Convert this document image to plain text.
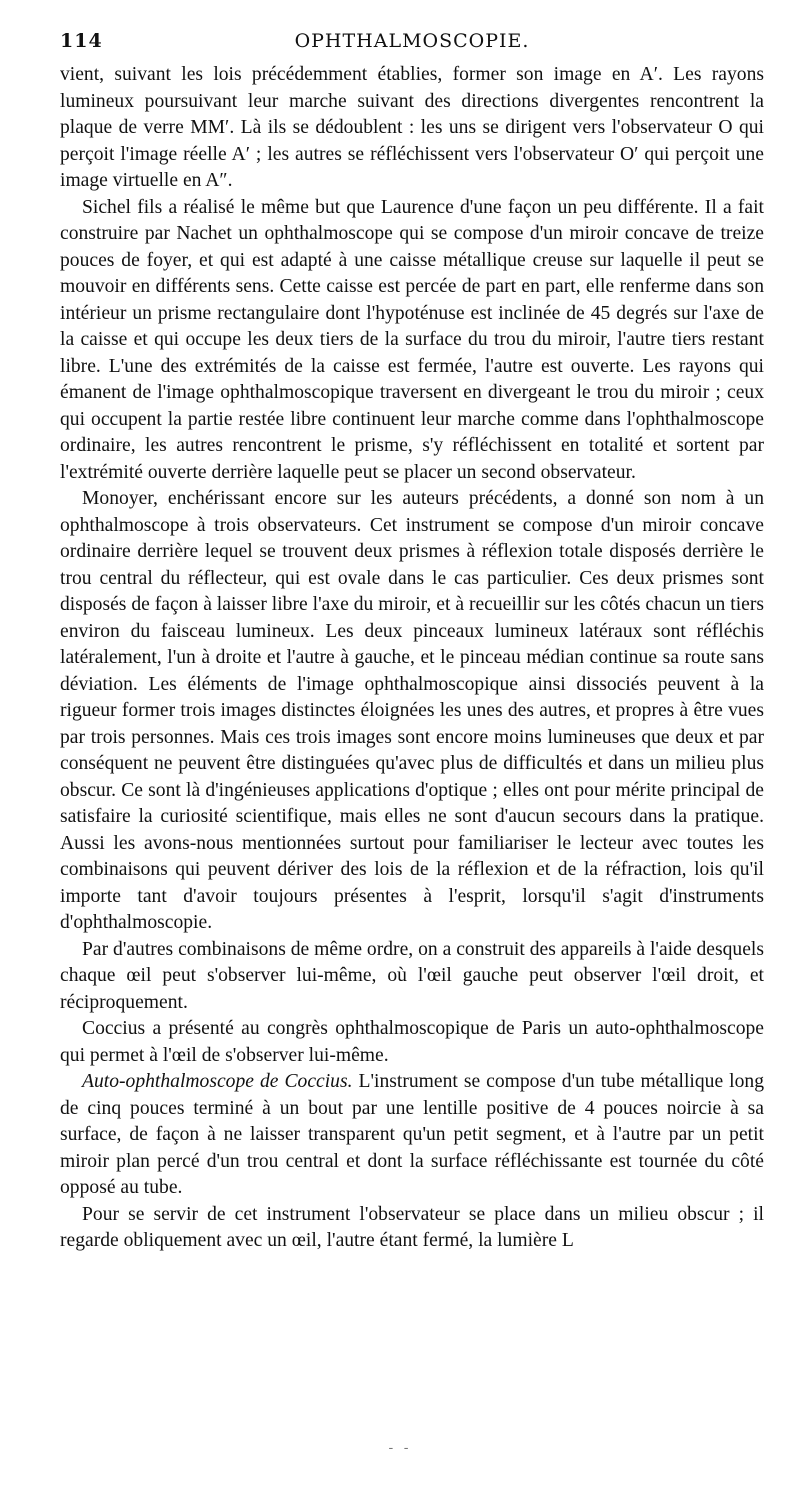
114	OPHTHALMOSCOPIE.

vient, suivant les lois précédemment établies, former son image en A′. Les rayons lumineux poursuivant leur marche suivant des directions divergentes rencontrent la plaque de verre MM′. Là ils se dédoublent : les uns se dirigent vers l'observateur O qui perçoit l'image réelle A′ ; les autres se réfléchissent vers l'observateur O′ qui perçoit une image virtuelle en A″.

Sichel fils a réalisé le même but que Laurence d'une façon un peu différente. Il a fait construire par Nachet un ophthalmoscope qui se compose d'un miroir concave de treize pouces de foyer, et qui est adapté à une caisse métallique creuse sur laquelle il peut se mouvoir en différents sens. Cette caisse est percée de part en part, elle renferme dans son intérieur un prisme rectangulaire dont l'hypoténuse est inclinée de 45 degrés sur l'axe de la caisse et qui occupe les deux tiers de la surface du trou du miroir, l'autre tiers restant libre. L'une des extrémités de la caisse est fermée, l'autre est ouverte. Les rayons qui émanent de l'image ophthalmoscopique traversent en divergeant le trou du miroir ; ceux qui occupent la partie restée libre continuent leur marche comme dans l'ophthalmoscope ordinaire, les autres rencontrent le prisme, s'y réfléchissent en totalité et sortent par l'extrémité ouverte derrière laquelle peut se placer un second observateur.

Monoyer, enchérissant encore sur les auteurs précédents, a donné son nom à un ophthalmoscope à trois observateurs. Cet instrument se compose d'un miroir concave ordinaire derrière lequel se trouvent deux prismes à réflexion totale disposés derrière le trou central du réflecteur, qui est ovale dans le cas particulier. Ces deux prismes sont disposés de façon à laisser libre l'axe du miroir, et à recueillir sur les côtés chacun un tiers environ du faisceau lumineux. Les deux pinceaux lumineux latéraux sont réfléchis latéralement, l'un à droite et l'autre à gauche, et le pinceau médian continue sa route sans déviation. Les éléments de l'image ophthalmoscopique ainsi dissociés peuvent à la rigueur former trois images distinctes éloignées les unes des autres, et propres à être vues par trois personnes. Mais ces trois images sont encore moins lumineuses que deux et par conséquent ne peuvent être distinguées qu'avec plus de difficultés et dans un milieu plus obscur. Ce sont là d'ingénieuses applications d'optique ; elles ont pour mérite principal de satisfaire la curiosité scientifique, mais elles ne sont d'aucun secours dans la pratique. Aussi les avons-nous mentionnées surtout pour familiariser le lecteur avec toutes les combinaisons qui peuvent dériver des lois de la réflexion et de la réfraction, lois qu'il importe tant d'avoir toujours présentes à l'esprit, lorsqu'il s'agit d'instruments d'ophthalmoscopie.

Par d'autres combinaisons de même ordre, on a construit des appareils à l'aide desquels chaque œil peut s'observer lui-même, où l'œil gauche peut observer l'œil droit, et réciproquement.

Coccius a présenté au congrès ophthalmoscopique de Paris un auto-ophthalmoscope qui permet à l'œil de s'observer lui-même.

Auto-ophthalmoscope de Coccius. L'instrument se compose d'un tube métallique long de cinq pouces terminé à un bout par une lentille positive de 4 pouces noircie à sa surface, de façon à ne laisser transparent qu'un petit segment, et à l'autre par un petit miroir plan percé d'un trou central et dont la surface réfléchissante est tournée du côté opposé au tube.

Pour se servir de cet instrument l'observateur se place dans un milieu obscur ; il regarde obliquement avec un œil, l'autre étant fermé, la lumière L

- -
